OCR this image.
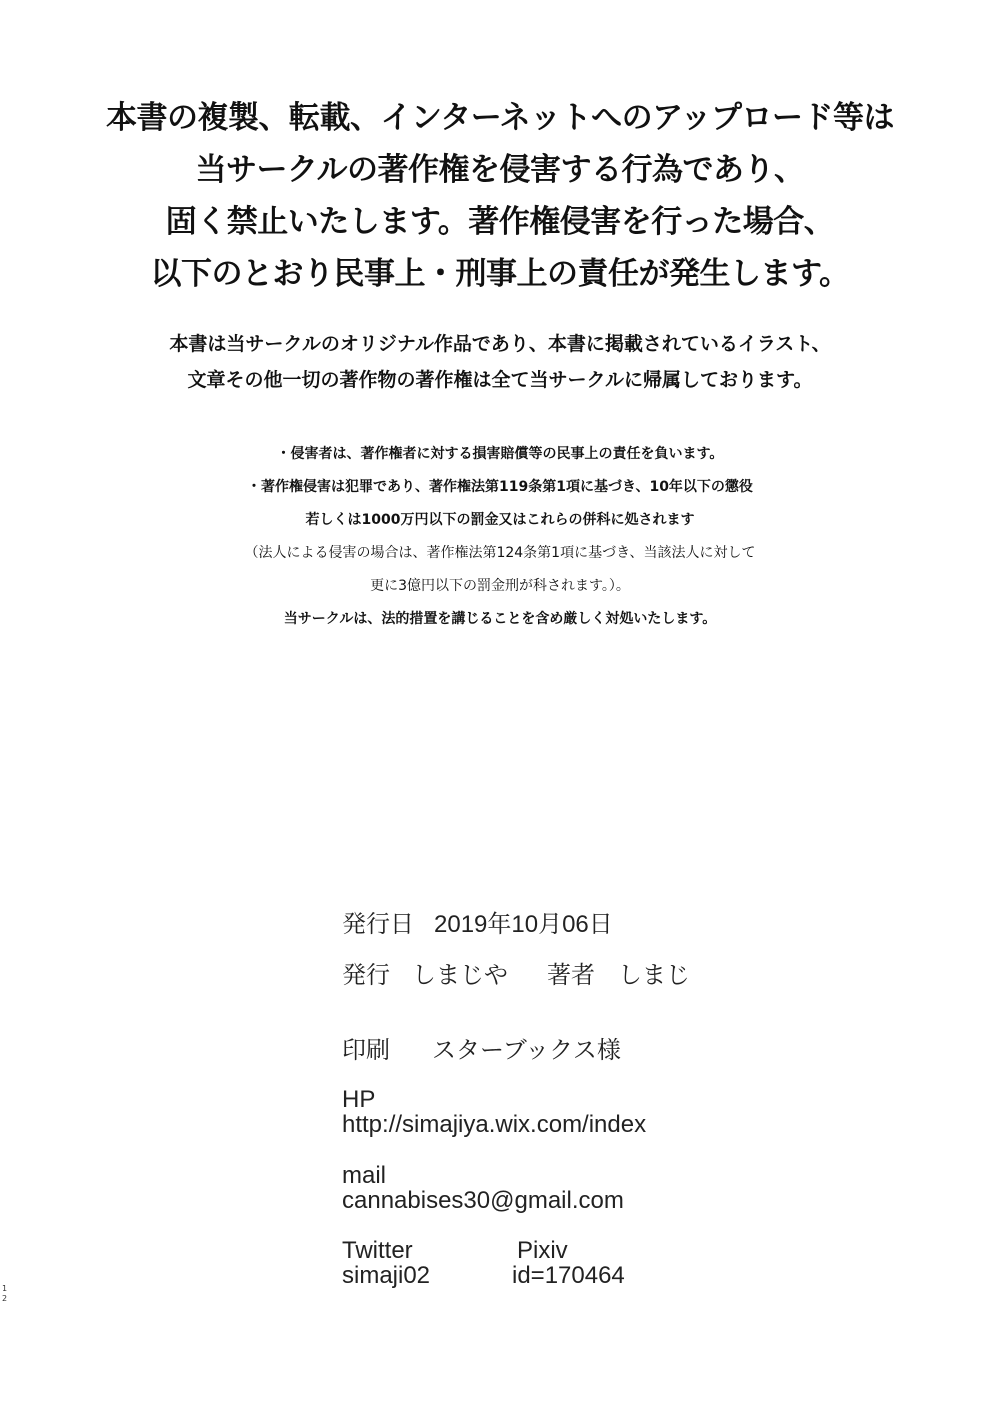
本書の複製、転載、インターネットへのアップロード等は
当サークルの著作権を侵害する行為であり、
固く禁止いたします。著作権侵害を行った場合、
以下のとおり民事上・刑事上の責任が発生します。
本書は当サークルのオリジナル作品であり、本書に掲載されているイラスト、
文章その他一切の著作物の著作権は全て当サークルに帰属しております。
・侵害者は、著作権者に対する損害賠償等の民事上の責任を負います。
・著作権侵害は犯罪であり、著作権法第119条第1項に基づき、10年以下の懲役
若しくは1000万円以下の罰金又はこれらの併科に処されます
（法人による侵害の場合は、著作権法第124条第1項に基づき、当該法人に対して
更に3億円以下の罰金刑が科されます。）。
当サークルは、法的措置を講じることを含め厳しく対処いたします。
発行日 2019年10月06日
発行 しまじや 著者 しまじ
印刷 スターブックス様
HP
http://simajiya.wix.com/index
mail
cannabises30@gmail.com
Twitter	Pixiv
simaji02	id=170464
1
2
